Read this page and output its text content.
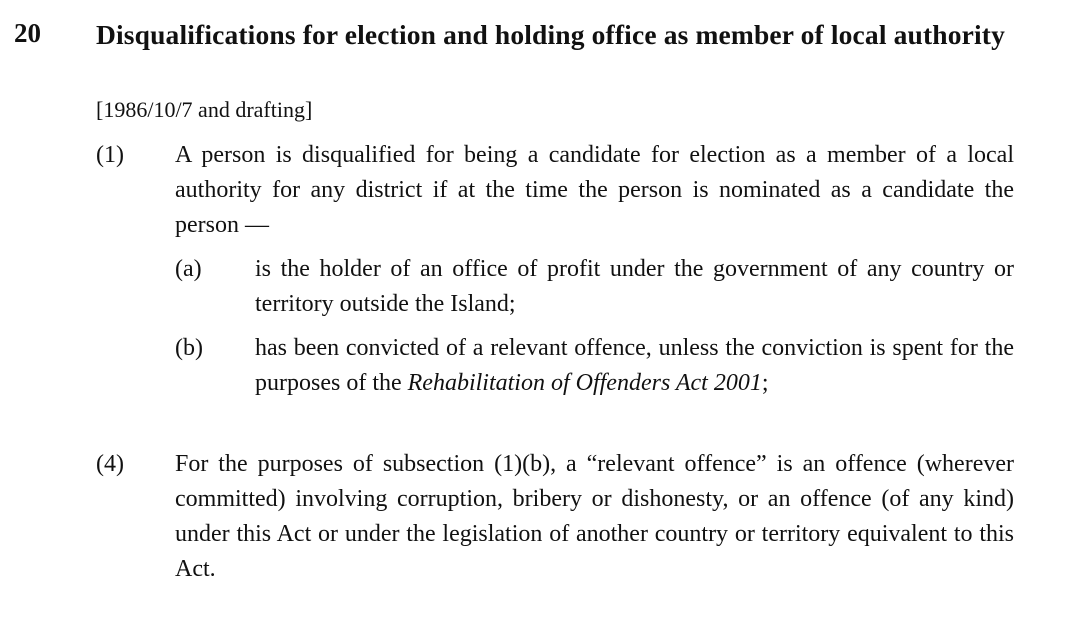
20 Disqualifications for election and holding office as member of local authority
[1986/10/7 and drafting]
(1) A person is disqualified for being a candidate for election as a member of a local authority for any district if at the time the person is nominated as a candidate the person —
(a) is the holder of an office of profit under the government of any country or territory outside the Island;
(b) has been convicted of a relevant offence, unless the conviction is spent for the purposes of the Rehabilitation of Offenders Act 2001;
(4) For the purposes of subsection (1)(b), a “relevant offence” is an offence (wherever committed) involving corruption, bribery or dishonesty, or an offence (of any kind) under this Act or under the legislation of another country or territory equivalent to this Act.
